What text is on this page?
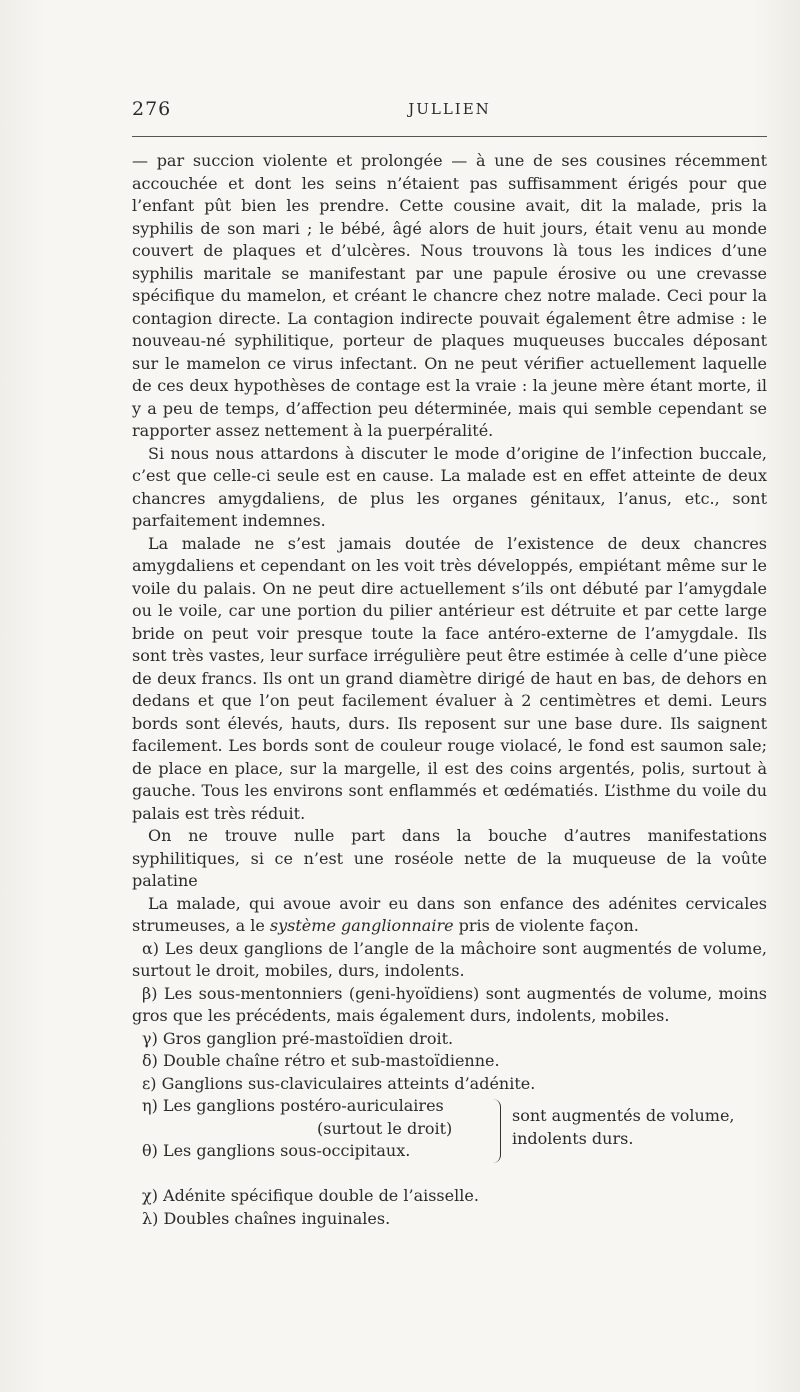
276	JULLIEN

— par succion violente et prolongée — à une de ses cousines récemment accouchée et dont les seins n’étaient pas suffisamment érigés pour que l’enfant pût bien les prendre. Cette cousine avait, dit la malade, pris la syphilis de son mari ; le bébé, âgé alors de huit jours, était venu au monde couvert de plaques et d’ulcères. Nous trouvons là tous les indices d’une syphilis maritale se manifestant par une papule érosive ou une crevasse spécifique du mamelon, et créant le chancre chez notre malade. Ceci pour la contagion directe. La contagion indirecte pouvait également être admise : le nouveau-né syphilitique, porteur de plaques muqueuses buccales déposant sur le mamelon ce virus infectant. On ne peut vérifier actuellement laquelle de ces deux hypothèses de contage est la vraie : la jeune mère étant morte, il y a peu de temps, d’affection peu déterminée, mais qui semble cependant se rapporter assez nettement à la puerpéralité.

Si nous nous attardons à discuter le mode d’origine de l’infection buccale, c’est que celle-ci seule est en cause. La malade est en effet atteinte de deux chancres amygdaliens, de plus les organes génitaux, l’anus, etc., sont parfaitement indemnes.

La malade ne s’est jamais doutée de l’existence de deux chancres amygdaliens et cependant on les voit très développés, empiétant même sur le voile du palais. On ne peut dire actuellement s’ils ont débuté par l’amygdale ou le voile, car une portion du pilier antérieur est détruite et par cette large bride on peut voir presque toute la face antéro-externe de l’amygdale. Ils sont très vastes, leur surface irrégulière peut être estimée à celle d’une pièce de deux francs. Ils ont un grand diamètre dirigé de haut en bas, de dehors en dedans et que l’on peut facilement évaluer à 2 centimètres et demi. Leurs bords sont élevés, hauts, durs. Ils reposent sur une base dure. Ils saignent facilement. Les bords sont de couleur rouge violacé, le fond est saumon sale; de place en place, sur la margelle, il est des coins argentés, polis, surtout à gauche. Tous les environs sont enflammés et œdématiés. L’isthme du voile du palais est très réduit.

On ne trouve nulle part dans la bouche d’autres manifestations syphilitiques, si ce n’est une roséole nette de la muqueuse de la voûte palatine

La malade, qui avoue avoir eu dans son enfance des adénites cervicales strumeuses, a le système ganglionnaire pris de violente façon.

α) Les deux ganglions de l’angle de la mâchoire sont augmentés de volume, surtout le droit, mobiles, durs, indolents.

β) Les sous-mentonniers (geni-hyoïdiens) sont augmentés de volume, moins gros que les précédents, mais également durs, indolents, mobiles.

γ) Gros ganglion pré-mastoïdien droit.

δ) Double chaîne rétro et sub-mastoïdienne.

ε) Ganglions sus-claviculaires atteints d’adénite.

η) Les ganglions postéro-auriculaires

(surtout le droit)

θ) Les ganglions sous-occipitaux.

sont augmentés de volume, indolents durs.

χ) Adénite spécifique double de l’aisselle.

λ) Doubles chaînes inguinales.
